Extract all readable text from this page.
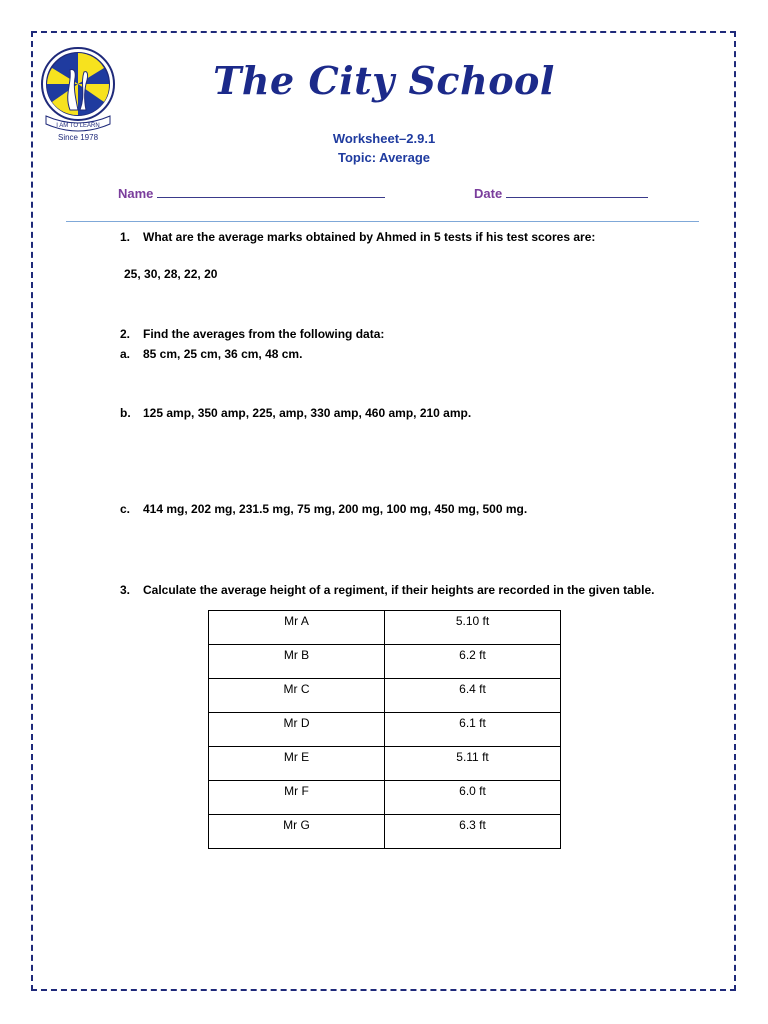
I AM TO LEARN
Since 1978
The City School
Worksheet–2.9.1
Topic: Average
Name	Date
1. What are the average marks obtained by Ahmed in 5 tests if his test scores are:
25, 30, 28, 22, 20
2. Find the averages from the following data:
a. 85 cm, 25 cm, 36 cm, 48 cm.
b. 125 amp, 350 amp, 225, amp, 330 amp, 460 amp, 210 amp.
c. 414 mg, 202 mg, 231.5 mg, 75 mg, 200 mg, 100 mg, 450 mg, 500 mg.
3. Calculate the average height of a regiment, if their heights are recorded in the given table.
Mr A	5.10 ft
Mr B	6.2 ft
Mr C	6.4 ft
Mr D	6.1 ft
Mr E	5.11 ft
Mr F	6.0 ft
Mr G	6.3 ft
